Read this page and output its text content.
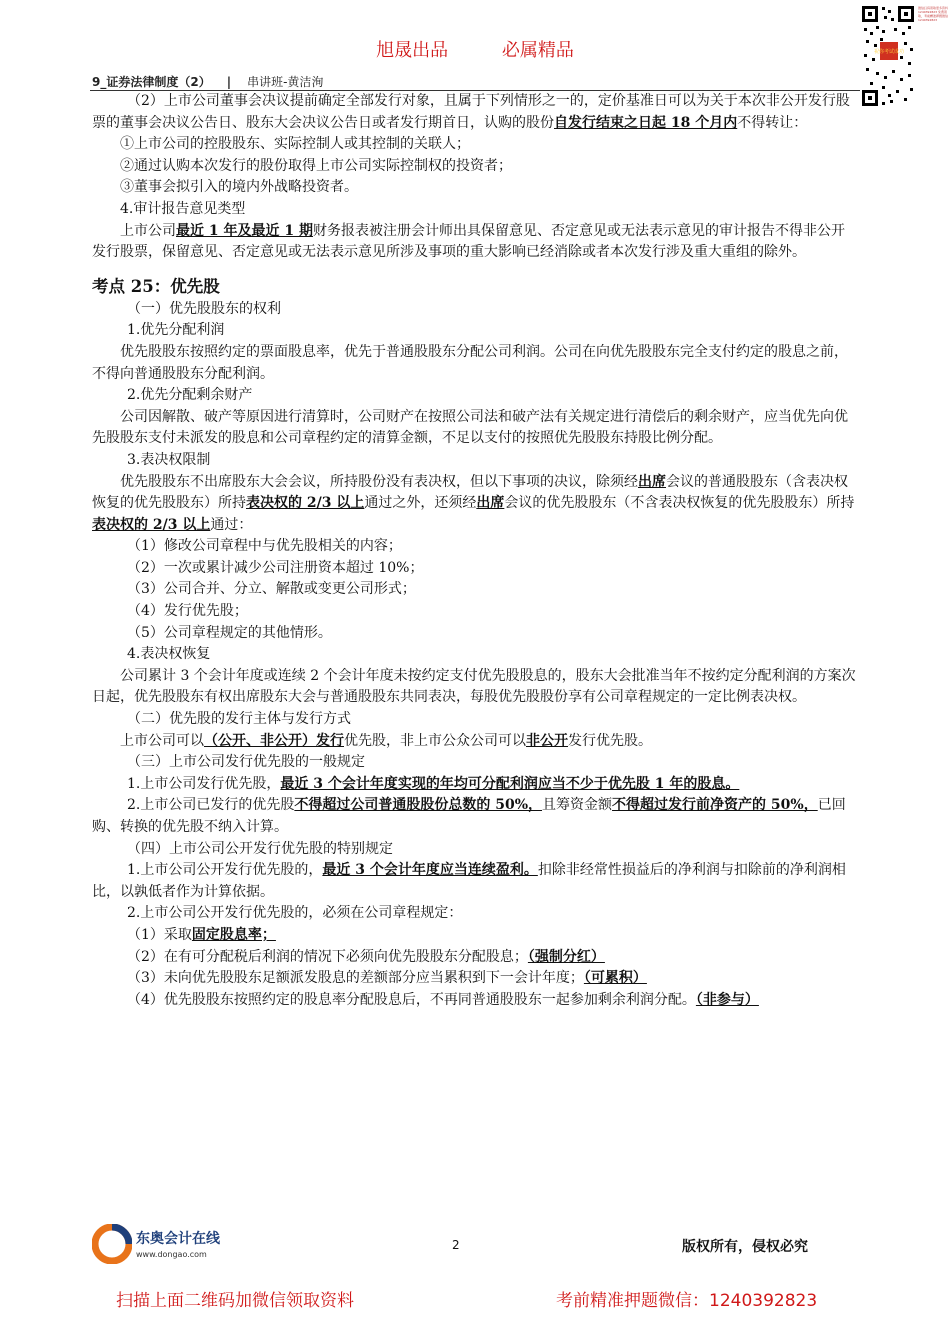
旭晟出品	必属精品	祝你考试成功
微信扫码领取更多资料 1240392823 免费领取，考前精准押题微信 1240392823
9_证券法律制度（2） | 串讲班-黄洁洵

（2）上市公司董事会决议提前确定全部发行对象，且属于下列情形之一的，定价基准日可以为关于本次非公开发行股票的董事会决议公告日、股东大会决议公告日或者发行期首日，认购的股份自发行结束之日起 18 个月内不得转让：

①上市公司的控股股东、实际控制人或其控制的关联人；

②通过认购本次发行的股份取得上市公司实际控制权的投资者；

③董事会拟引入的境内外战略投资者。

4.审计报告意见类型

上市公司最近 1 年及最近 1 期财务报表被注册会计师出具保留意见、否定意见或无法表示意见的审计报告不得非公开发行股票，保留意见、否定意见或无法表示意见所涉及事项的重大影响已经消除或者本次发行涉及重大重组的除外。

考点 25：优先股

（一）优先股股东的权利

1.优先分配利润

优先股股东按照约定的票面股息率，优先于普通股股东分配公司利润。公司在向优先股股东完全支付约定的股息之前，不得向普通股股东分配利润。

2.优先分配剩余财产

公司因解散、破产等原因进行清算时，公司财产在按照公司法和破产法有关规定进行清偿后的剩余财产，应当优先向优先股股东支付未派发的股息和公司章程约定的清算金额，不足以支付的按照优先股股东持股比例分配。

3.表决权限制

优先股股东不出席股东大会会议，所持股份没有表决权，但以下事项的决议，除须经出席会议的普通股股东（含表决权恢复的优先股股东）所持表决权的 2/3 以上通过之外，还须经出席会议的优先股股东（不含表决权恢复的优先股股东）所持表决权的 2/3 以上通过：

（1）修改公司章程中与优先股相关的内容；

（2）一次或累计减少公司注册资本超过 10%；

（3）公司合并、分立、解散或变更公司形式；

（4）发行优先股；

（5）公司章程规定的其他情形。

4.表决权恢复

公司累计 3 个会计年度或连续 2 个会计年度未按约定支付优先股股息的，股东大会批准当年不按约定分配利润的方案次日起，优先股股东有权出席股东大会与普通股股东共同表决，每股优先股股份享有公司章程规定的一定比例表决权。

（二）优先股的发行主体与发行方式

上市公司可以（公开、非公开）发行优先股，非上市公众公司可以非公开发行优先股。

（三）上市公司发行优先股的一般规定

1.上市公司发行优先股，最近 3 个会计年度实现的年均可分配利润应当不少于优先股 1 年的股息。

2.上市公司已发行的优先股不得超过公司普通股股份总数的 50%，且筹资金额不得超过发行前净资产的 50%，已回购、转换的优先股不纳入计算。

（四）上市公司公开发行优先股的特别规定

1.上市公司公开发行优先股的，最近 3 个会计年度应当连续盈利。扣除非经常性损益后的净利润与扣除前的净利润相比，以孰低者作为计算依据。

2.上市公司公开发行优先股的，必须在公司章程规定：

（1）采取固定股息率；

（2）在有可分配税后利润的情况下必须向优先股股东分配股息；（强制分红）

（3）未向优先股股东足额派发股息的差额部分应当累积到下一会计年度；（可累积）

（4）优先股股东按照约定的股息率分配股息后，不再同普通股股东一起参加剩余利润分配。（非参与）

东奥会计在线
www.dongao.com
2	版权所有，侵权必究
扫描上面二维码加微信领取资料	考前精准押题微信：1240392823
